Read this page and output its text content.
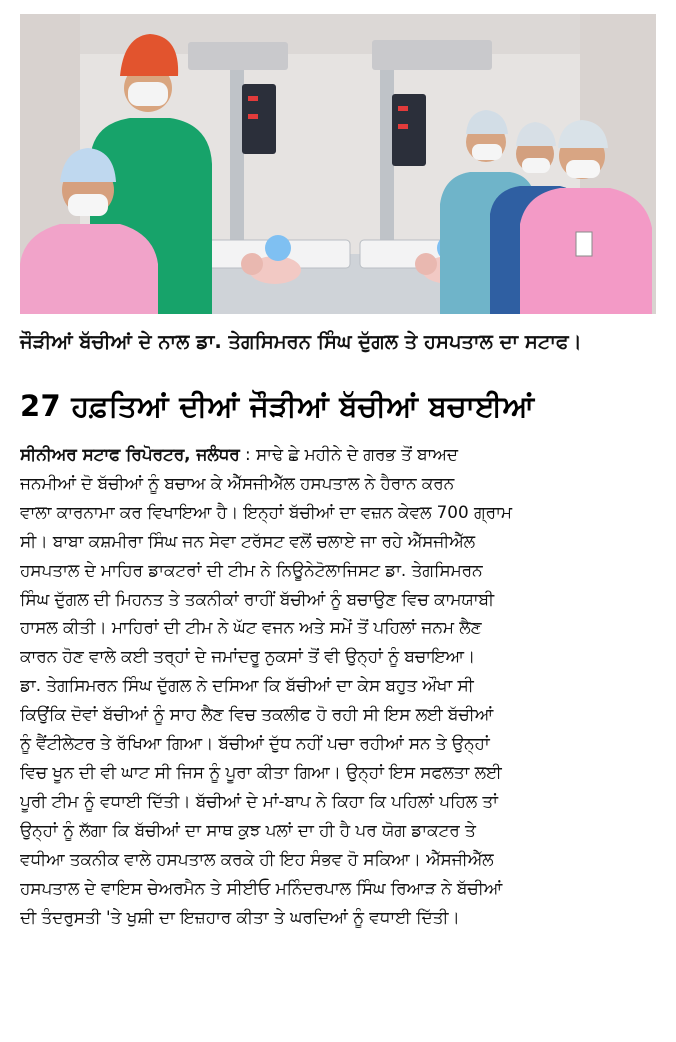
ਜੌੜੀਆਂ ਬੱਚੀਆਂ ਦੇ ਨਾਲ ਡਾ. ਤੇਗਸਿਮਰਨ ਸਿੰਘ ਦੁੱਗਲ ਤੇ ਹਸਪਤਾਲ ਦਾ ਸਟਾਫ।
27 ਹਫ਼ਤਿਆਂ ਦੀਆਂ ਜੌੜੀਆਂ ਬੱਚੀਆਂ ਬਚਾਈਆਂ
ਸੀਨੀਅਰ ਸਟਾਫ ਰਿਪੋਰਟਰ, ਜਲੰਧਰ : ਸਾਢੇ ਛੇ ਮਹੀਨੇ ਦੇ ਗਰਭ ਤੋਂ ਬਾਅਦ
ਜਨਮੀਆਂ ਦੋ ਬੱਚੀਆਂ ਨੂੰ ਬਚਾਅ ਕੇ ਐੱਸਜੀਐੱਲ ਹਸਪਤਾਲ ਨੇ ਹੈਰਾਨ ਕਰਨ
ਵਾਲਾ ਕਾਰਨਾਮਾ ਕਰ ਵਿਖਾਇਆ ਹੈ। ਇਨ੍ਹਾਂ ਬੱਚੀਆਂ ਦਾ ਵਜ਼ਨ ਕੇਵਲ 700 ਗ੍ਰਾਮ
ਸੀ। ਬਾਬਾ ਕਸ਼ਮੀਰਾ ਸਿੰਘ ਜਨ ਸੇਵਾ ਟਰੱਸਟ ਵਲੋਂ ਚਲਾਏ ਜਾ ਰਹੇ ਐੱਸਜੀਐੱਲ
ਹਸਪਤਾਲ ਦੇ ਮਾਹਿਰ ਡਾਕਟਰਾਂ ਦੀ ਟੀਮ ਨੇ ਨਿਊਨੇਟੋਲਾਜਿਸਟ ਡਾ. ਤੇਗਸਿਮਰਨ
ਸਿੰਘ ਦੁੱਗਲ ਦੀ ਮਿਹਨਤ ਤੇ ਤਕਨੀਕਾਂ ਰਾਹੀਂ ਬੱਚੀਆਂ ਨੂੰ ਬਚਾਉਣ ਵਿਚ ਕਾਮਯਾਬੀ
ਹਾਸਲ ਕੀਤੀ। ਮਾਹਿਰਾਂ ਦੀ ਟੀਮ ਨੇ ਘੱਟ ਵਜਨ ਅਤੇ ਸਮੇਂ ਤੋਂ ਪਹਿਲਾਂ ਜਨਮ ਲੈਣ
ਕਾਰਨ ਹੋਣ ਵਾਲੇ ਕਈ ਤਰ੍ਹਾਂ ਦੇ ਜਮਾਂਦਰੂ ਨੁਕਸਾਂ ਤੋਂ ਵੀ ਉਨ੍ਹਾਂ ਨੂੰ ਬਚਾਇਆ।
ਡਾ. ਤੇਗਸਿਮਰਨ ਸਿੰਘ ਦੁੱਗਲ ਨੇ ਦਸਿਆ ਕਿ ਬੱਚੀਆਂ ਦਾ ਕੇਸ ਬਹੁਤ ਔਖਾ ਸੀ
ਕਿਉਂਕਿ ਦੋਵਾਂ ਬੱਚੀਆਂ ਨੂੰ ਸਾਹ ਲੈਣ ਵਿਚ ਤਕਲੀਫ ਹੋ ਰਹੀ ਸੀ ਇਸ ਲਈ ਬੱਚੀਆਂ
ਨੂੰ ਵੈਂਟੀਲੇਟਰ ਤੇ ਰੱਖਿਆ ਗਿਆ। ਬੱਚੀਆਂ ਦੁੱਧ ਨਹੀਂ ਪਚਾ ਰਹੀਆਂ ਸਨ ਤੇ ਉਨ੍ਹਾਂ
ਵਿਚ ਖੂਨ ਦੀ ਵੀ ਘਾਟ ਸੀ ਜਿਸ ਨੂੰ ਪੂਰਾ ਕੀਤਾ ਗਿਆ। ਉਨ੍ਹਾਂ ਇਸ ਸਫਲਤਾ ਲਈ
ਪੂਰੀ ਟੀਮ ਨੂੰ ਵਧਾਈ ਦਿੱਤੀ। ਬੱਚੀਆਂ ਦੇ ਮਾਂ-ਬਾਪ ਨੇ ਕਿਹਾ ਕਿ ਪਹਿਲਾਂ ਪਹਿਲ ਤਾਂ
ਉਨ੍ਹਾਂ ਨੂੰ ਲੱਗਾ ਕਿ ਬੱਚੀਆਂ ਦਾ ਸਾਥ ਕੁਝ ਪਲਾਂ ਦਾ ਹੀ ਹੈ ਪਰ ਯੋਗ ਡਾਕਟਰ ਤੇ
ਵਧੀਆ ਤਕਨੀਕ ਵਾਲੇ ਹਸਪਤਾਲ ਕਰਕੇ ਹੀ ਇਹ ਸੰਭਵ ਹੋ ਸਕਿਆ। ਐੱਸਜੀਐੱਲ
ਹਸਪਤਾਲ ਦੇ ਵਾਇਸ ਚੇਅਰਮੈਨ ਤੇ ਸੀਈਓ ਮਨਿੰਦਰਪਾਲ ਸਿੰਘ ਰਿਆੜ ਨੇ ਬੱਚੀਆਂ
ਦੀ ਤੰਦਰੁਸਤੀ 'ਤੇ ਖੁਸ਼ੀ ਦਾ ਇਜ਼ਹਾਰ ਕੀਤਾ ਤੇ ਘਰਦਿਆਂ ਨੂੰ ਵਧਾਈ ਦਿੱਤੀ।
